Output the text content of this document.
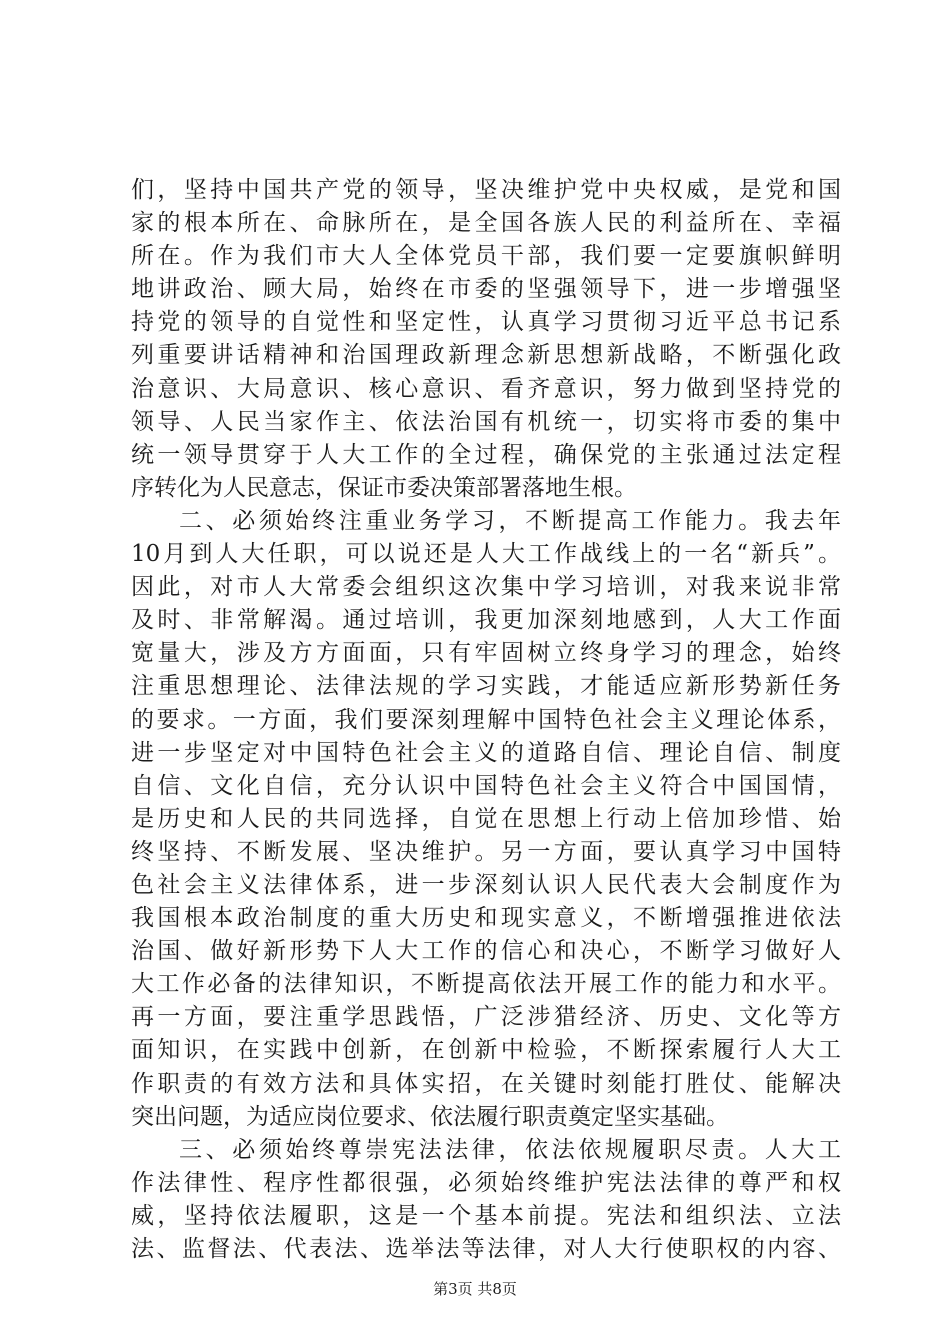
们，坚持中国共产党的领导，坚决维护党中央权威，是党和国
家的根本所在、命脉所在，是全国各族人民的利益所在、幸福
所在。作为我们市大人全体党员干部，我们要一定要旗帜鲜明
地讲政治、顾大局，始终在市委的坚强领导下，进一步增强坚
持党的领导的自觉性和坚定性，认真学习贯彻习近平总书记系
列重要讲话精神和治国理政新理念新思想新战略，不断强化政
治意识、大局意识、核心意识、看齐意识，努力做到坚持党的
领导、人民当家作主、依法治国有机统一，切实将市委的集中
统一领导贯穿于人大工作的全过程，确保党的主张通过法定程
序转化为人民意志，保证市委决策部署落地生根。
二、必须始终注重业务学习，不断提高工作能力。我去年
10月到人大任职，可以说还是人大工作战线上的一名“新兵”。
因此，对市人大常委会组织这次集中学习培训，对我来说非常
及时、非常解渴。通过培训，我更加深刻地感到，人大工作面
宽量大，涉及方方面面，只有牢固树立终身学习的理念，始终
注重思想理论、法律法规的学习实践，才能适应新形势新任务
的要求。一方面，我们要深刻理解中国特色社会主义理论体系，
进一步坚定对中国特色社会主义的道路自信、理论自信、制度
自信、文化自信，充分认识中国特色社会主义符合中国国情，
是历史和人民的共同选择，自觉在思想上行动上倍加珍惜、始
终坚持、不断发展、坚决维护。另一方面，要认真学习中国特
色社会主义法律体系，进一步深刻认识人民代表大会制度作为
我国根本政治制度的重大历史和现实意义，不断增强推进依法
治国、做好新形势下人大工作的信心和决心，不断学习做好人
大工作必备的法律知识，不断提高依法开展工作的能力和水平。
再一方面，要注重学思践悟，广泛涉猎经济、历史、文化等方
面知识，在实践中创新，在创新中检验，不断探索履行人大工
作职责的有效方法和具体实招，在关键时刻能打胜仗、能解决
突出问题，为适应岗位要求、依法履行职责奠定坚实基础。
三、必须始终尊崇宪法法律，依法依规履职尽责。人大工
作法律性、程序性都很强，必须始终维护宪法法律的尊严和权
威，坚持依法履职，这是一个基本前提。宪法和组织法、立法
法、监督法、代表法、选举法等法律，对人大行使职权的内容、
第3页 共8页
